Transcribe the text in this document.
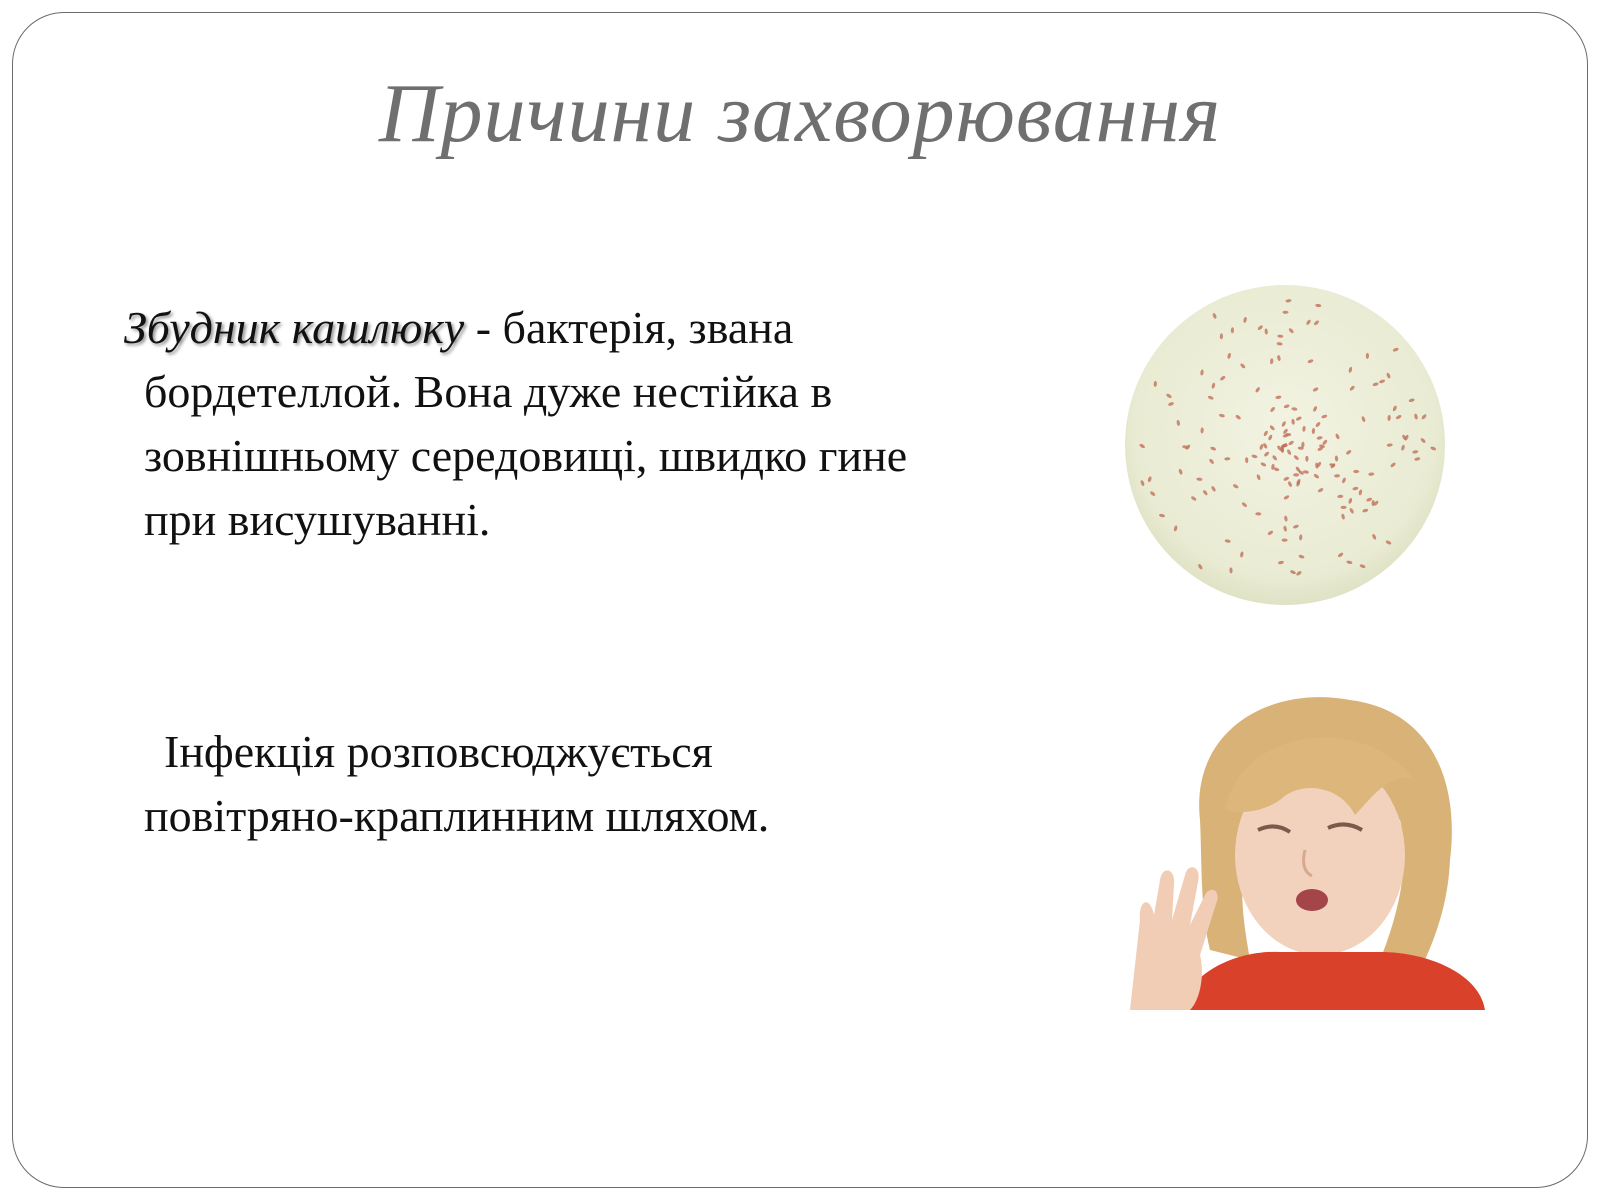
Причини захворювання
Збудник кашлюку - бактерія, звана
бордетеллой. Вона дуже нестійка в зовнішньому середовищі, швидко гине при висушуванні.
Інфекція розповсюджується
повітряно-краплинним шляхом.
